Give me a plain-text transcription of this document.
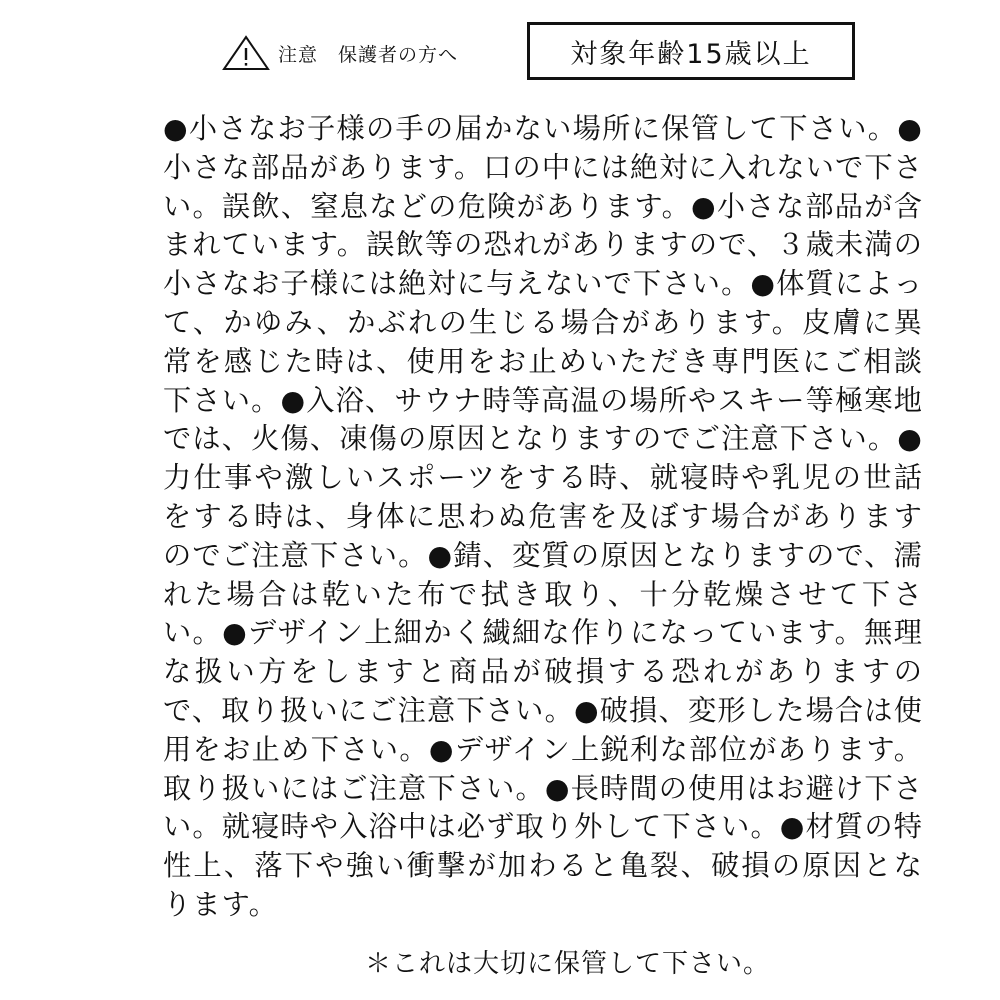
注意　保護者の方へ	対象年齢15歳以上
●小さなお子様の手の届かない場所に保管して下さい。●小さな部品があります。口の中には絶対に入れないで下さい。誤飲、窒息などの危険があります。●小さな部品が含まれています。誤飲等の恐れがありますので、３歳未満の小さなお子様には絶対に与えないで下さい。●体質によって、かゆみ、かぶれの生じる場合があります。皮膚に異常を感じた時は、使用をお止めいただき専門医にご相談下さい。●入浴、サウナ時等高温の場所やスキー等極寒地では、火傷、凍傷の原因となりますのでご注意下さい。●力仕事や激しいスポーツをする時、就寝時や乳児の世話をする時は、身体に思わぬ危害を及ぼす場合がありますのでご注意下さい。●錆、変質の原因となりますので、濡れた場合は乾いた布で拭き取り、十分乾燥させて下さい。●デザイン上細かく繊細な作りになっています。無理な扱い方をしますと商品が破損する恐れがありますので、取り扱いにご注意下さい。●破損、変形した場合は使用をお止め下さい。●デザイン上鋭利な部位があります。取り扱いにはご注意下さい。●長時間の使用はお避け下さい。就寝時や入浴中は必ず取り外して下さい。●材質の特性上、落下や強い衝撃が加わると亀裂、破損の原因となります。
＊これは大切に保管して下さい。
